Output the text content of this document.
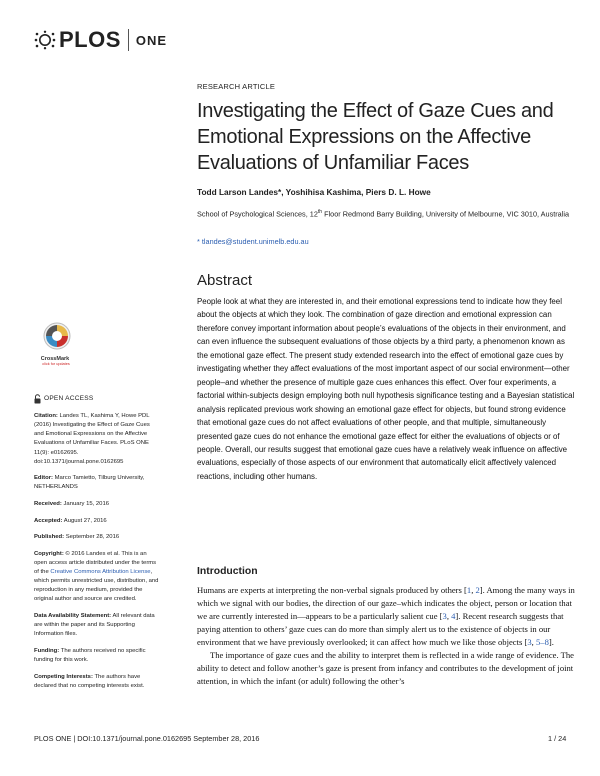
PLOS ONE
RESEARCH ARTICLE
Investigating the Effect of Gaze Cues and Emotional Expressions on the Affective Evaluations of Unfamiliar Faces
Todd Larson Landes*, Yoshihisa Kashima, Piers D. L. Howe
School of Psychological Sciences, 12th Floor Redmond Barry Building, University of Melbourne, VIC 3010, Australia
* tlandes@student.unimelb.edu.au
CrossMark
click for updates
OPEN ACCESS
Citation: Landes TL, Kashima Y, Howe PDL (2016) Investigating the Effect of Gaze Cues and Emotional Expressions on the Affective Evaluations of Unfamiliar Faces. PLoS ONE 11(9): e0162695. doi:10.1371/journal.pone.0162695
Editor: Marco Tamietto, Tilburg University, NETHERLANDS
Received: January 15, 2016
Accepted: August 27, 2016
Published: September 28, 2016
Copyright: © 2016 Landes et al. This is an open access article distributed under the terms of the Creative Commons Attribution License, which permits unrestricted use, distribution, and reproduction in any medium, provided the original author and source are credited.
Data Availability Statement: All relevant data are within the paper and its Supporting Information files.
Funding: The authors received no specific funding for this work.
Competing Interests: The authors have declared that no competing interests exist.
Abstract

People look at what they are interested in, and their emotional expressions tend to indicate how they feel about the objects at which they look. The combination of gaze direction and emotional expression can therefore convey important information about people’s evaluations of the objects in their environment, and can even influence the subsequent evaluations of those objects by a third party, a phenomenon known as the emotional gaze effect. The present study extended research into the effect of emotional gaze cues by investigating whether they affect evaluations of the most important aspect of our social environment—other people–and whether the presence of multiple gaze cues enhances this effect. Over four experiments, a factorial within-subjects design employing both null hypothesis significance testing and a Bayesian statistical analysis replicated previous work showing an emotional gaze effect for objects, but found strong evidence that emotional gaze cues do not affect evaluations of other people, and that multiple, simultaneously presented gaze cues do not enhance the emotional gaze effect for either the evaluations of objects or of people. Overall, our results suggest that emotional gaze cues have a relatively weak influence on affective evaluations, especially of those aspects of our environment that automatically elicit affectively valenced reactions, including other humans.

Introduction

Humans are experts at interpreting the non-verbal signals produced by others [1, 2]. Among the many ways in which we signal with our bodies, the direction of our gaze–which indicates the object, person or location that we are currently interested in—appears to be a particularly salient cue [3, 4]. Recent research suggests that paying attention to others’ gaze cues can do more than simply alert us to the existence of objects in our environment that we have previously overlooked; it can affect how much we like those objects [3, 5–8].

The importance of gaze cues and the ability to interpret them is reflected in a wide range of evidence. The ability to detect and follow another’s gaze is present from infancy and contributes to the development of joint attention, in which the infant (or adult) following the other’s

PLOS ONE | DOI:10.1371/journal.pone.0162695 September 28, 2016	1 / 24
